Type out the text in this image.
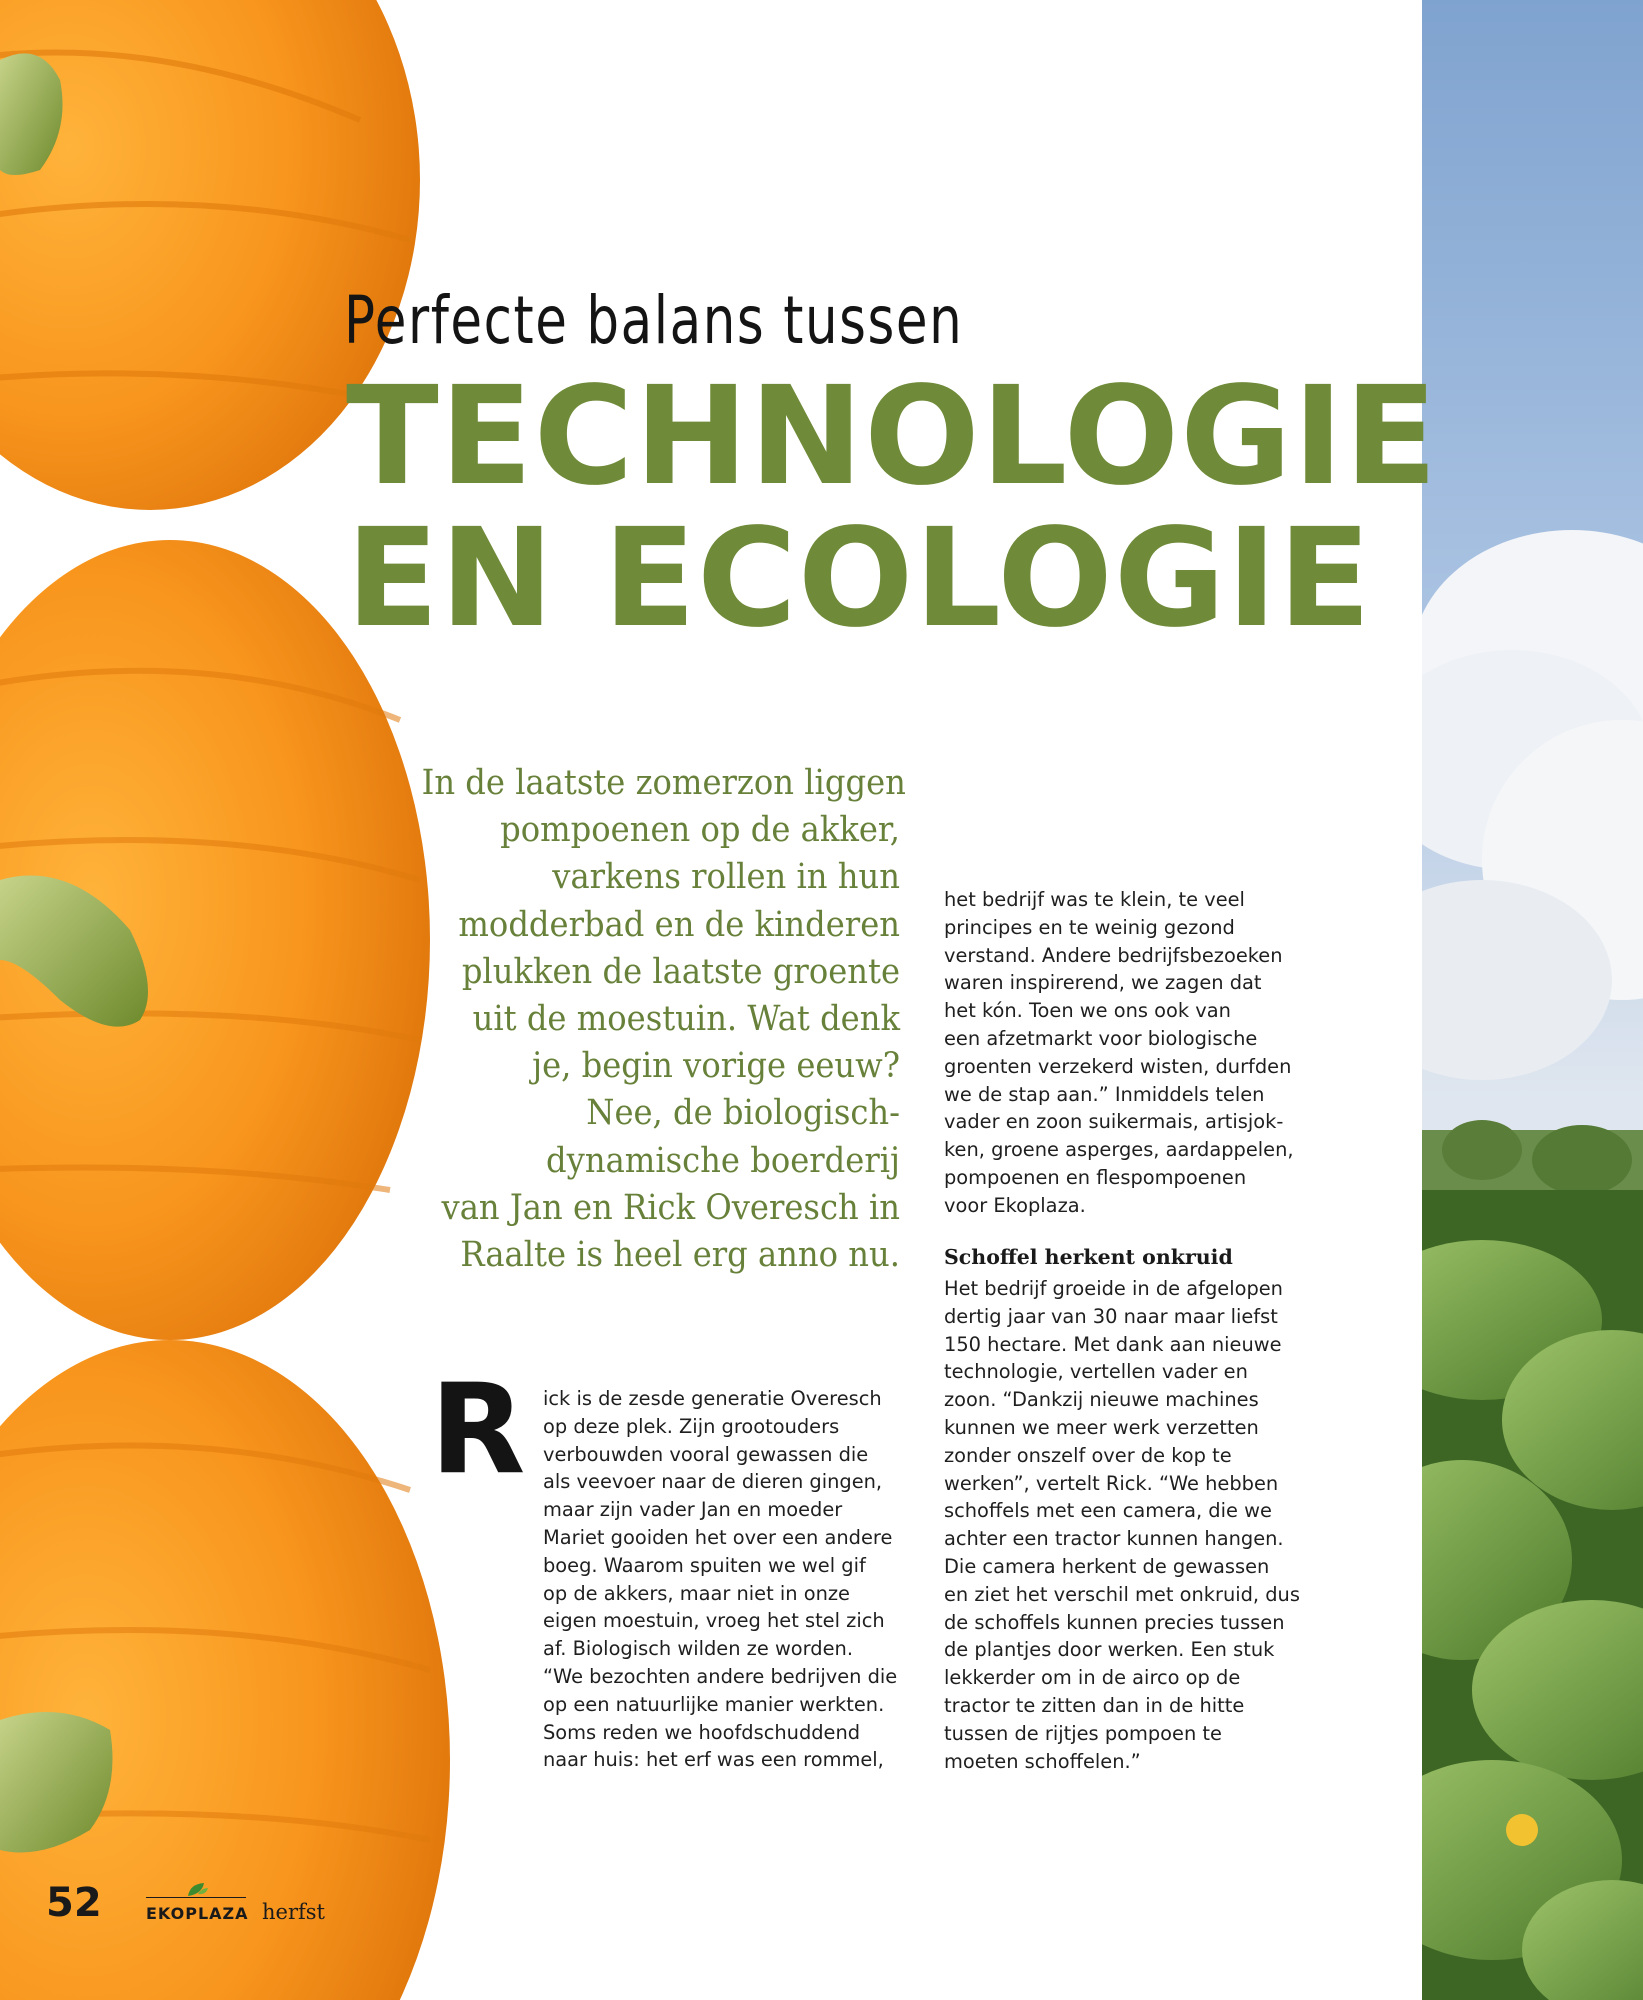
Perfecte balans tussen
TECHNOLOGIE
EN ECOLOGIE
In de laatste zomerzon liggen
pompoenen op de akker,
varkens rollen in hun
modderbad en de kinderen
plukken de laatste groente
uit de moestuin. Wat denk
je, begin vorige eeuw?
Nee, de biologisch-
dynamische boerderij
van Jan en Rick Overesch in
Raalte is heel erg anno nu.
R ick is de zesde generatie Overesch
op deze plek. Zijn grootouders
verbouwden vooral gewassen die
als veevoer naar de dieren gingen,
maar zijn vader Jan en moeder
Mariet gooiden het over een andere
boeg. Waarom spuiten we wel gif
op de akkers, maar niet in onze
eigen moestuin, vroeg het stel zich
af. Biologisch wilden ze worden.
“We bezochten andere bedrijven die
op een natuurlijke manier werkten.
Soms reden we hoofdschuddend
naar huis: het erf was een rommel,
het bedrijf was te klein, te veel
principes en te weinig gezond
verstand. Andere bedrijfsbezoeken
waren inspirerend, we zagen dat
het kón. Toen we ons ook van
een afzetmarkt voor biologische
groenten verzekerd wisten, durfden
we de stap aan.” Inmiddels telen
vader en zoon suikermais, artisjok-
ken, groene asperges, aardappelen,
pompoenen en flespompoenen
voor Ekoplaza.
Schoffel herkent onkruid
Het bedrijf groeide in de afgelopen
dertig jaar van 30 naar maar liefst
150 hectare. Met dank aan nieuwe
technologie, vertellen vader en
zoon. “Dankzij nieuwe machines
kunnen we meer werk verzetten
zonder onszelf over de kop te
werken”, vertelt Rick. “We hebben
schoffels met een camera, die we
achter een tractor kunnen hangen.
Die camera herkent de gewassen
en ziet het verschil met onkruid, dus
de schoffels kunnen precies tussen
de plantjes door werken. Een stuk
lekkerder om in de airco op de
tractor te zitten dan in de hitte
tussen de rijtjes pompoen te
moeten schoffelen.”
52	EKOPLAZA herfst
